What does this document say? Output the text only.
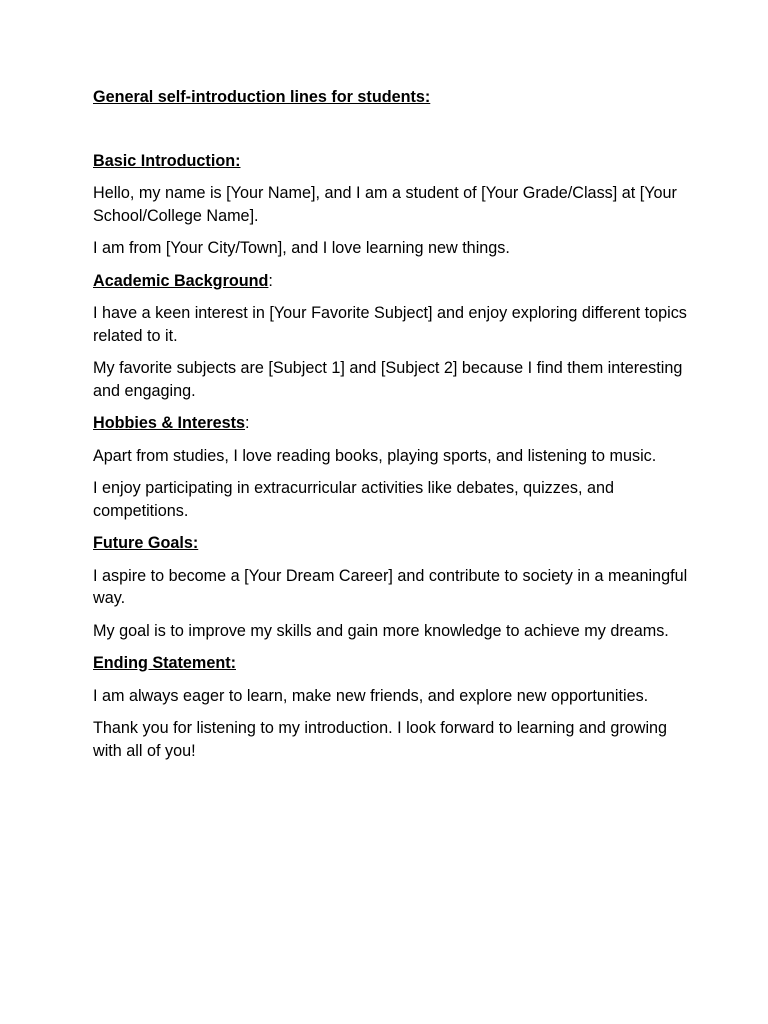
General self-introduction lines for students:
Basic Introduction:
Hello, my name is [Your Name], and I am a student of [Your Grade/Class] at [Your School/College Name].
I am from [Your City/Town], and I love learning new things.
Academic Background:
I have a keen interest in [Your Favorite Subject] and enjoy exploring different topics related to it.
My favorite subjects are [Subject 1] and [Subject 2] because I find them interesting and engaging.
Hobbies & Interests:
Apart from studies, I love reading books, playing sports, and listening to music.
I enjoy participating in extracurricular activities like debates, quizzes, and competitions.
Future Goals:
I aspire to become a [Your Dream Career] and contribute to society in a meaningful way.
My goal is to improve my skills and gain more knowledge to achieve my dreams.
Ending Statement:
I am always eager to learn, make new friends, and explore new opportunities.
Thank you for listening to my introduction. I look forward to learning and growing with all of you!
